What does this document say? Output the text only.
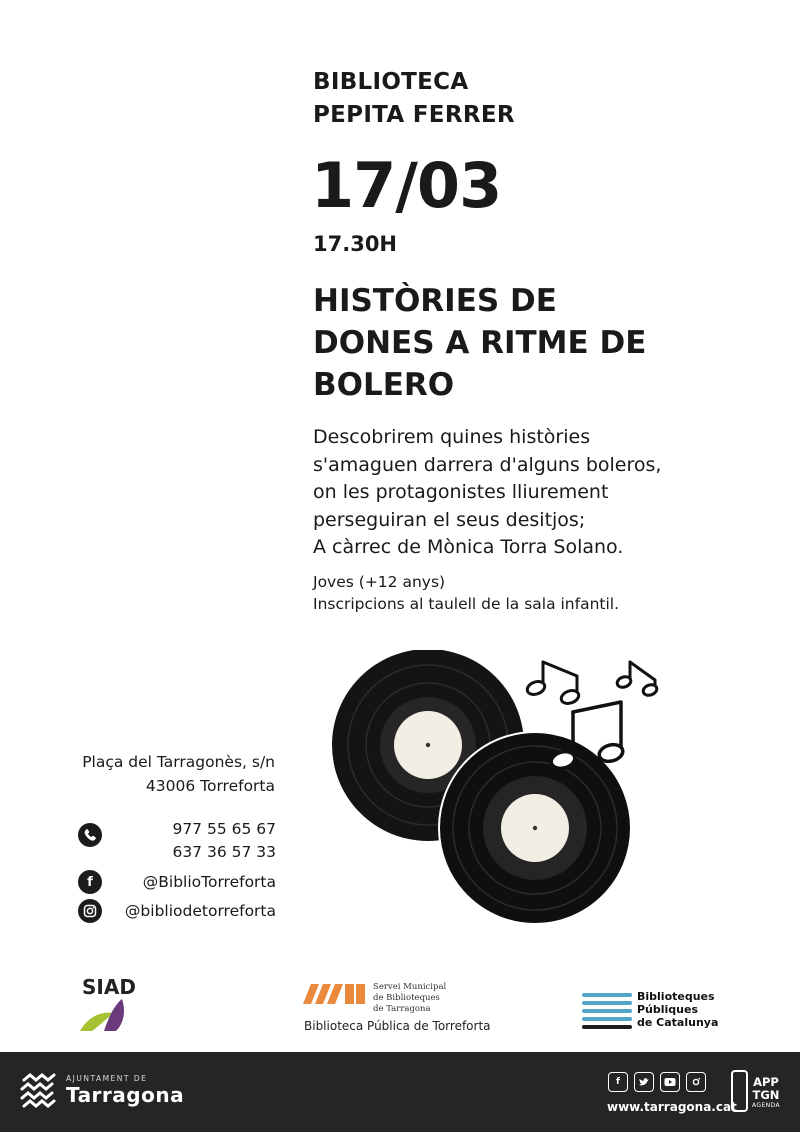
BIBLIOTECA
PEPITA FERRER
17/03
17.30H
HISTÒRIES DE
DONES A RITME DE
BOLERO
Descobrirem quines històries
s'amaguen darrera d'alguns boleros,
on les protagonistes lliurement
perseguiran el seus desitjos;
A càrrec de Mònica Torra Solano.
Joves (+12 anys)
Inscripcions al taulell de la sala infantil.
Plaça del Tarragonès, s/n
43006 Torreforta
977 55 65 67
637 36 57 33
f	@BiblioTorreforta
@bibliodetorreforta
SIAD	Servei Municipal
de Biblioteques
de Tarragona
Biblioteca Pública de Torreforta
Biblioteques
Públiques
de Catalunya
AJUNTAMENT DE
Tarragona
f
www.tarragona.cat
APP
TGN
AGENDA
